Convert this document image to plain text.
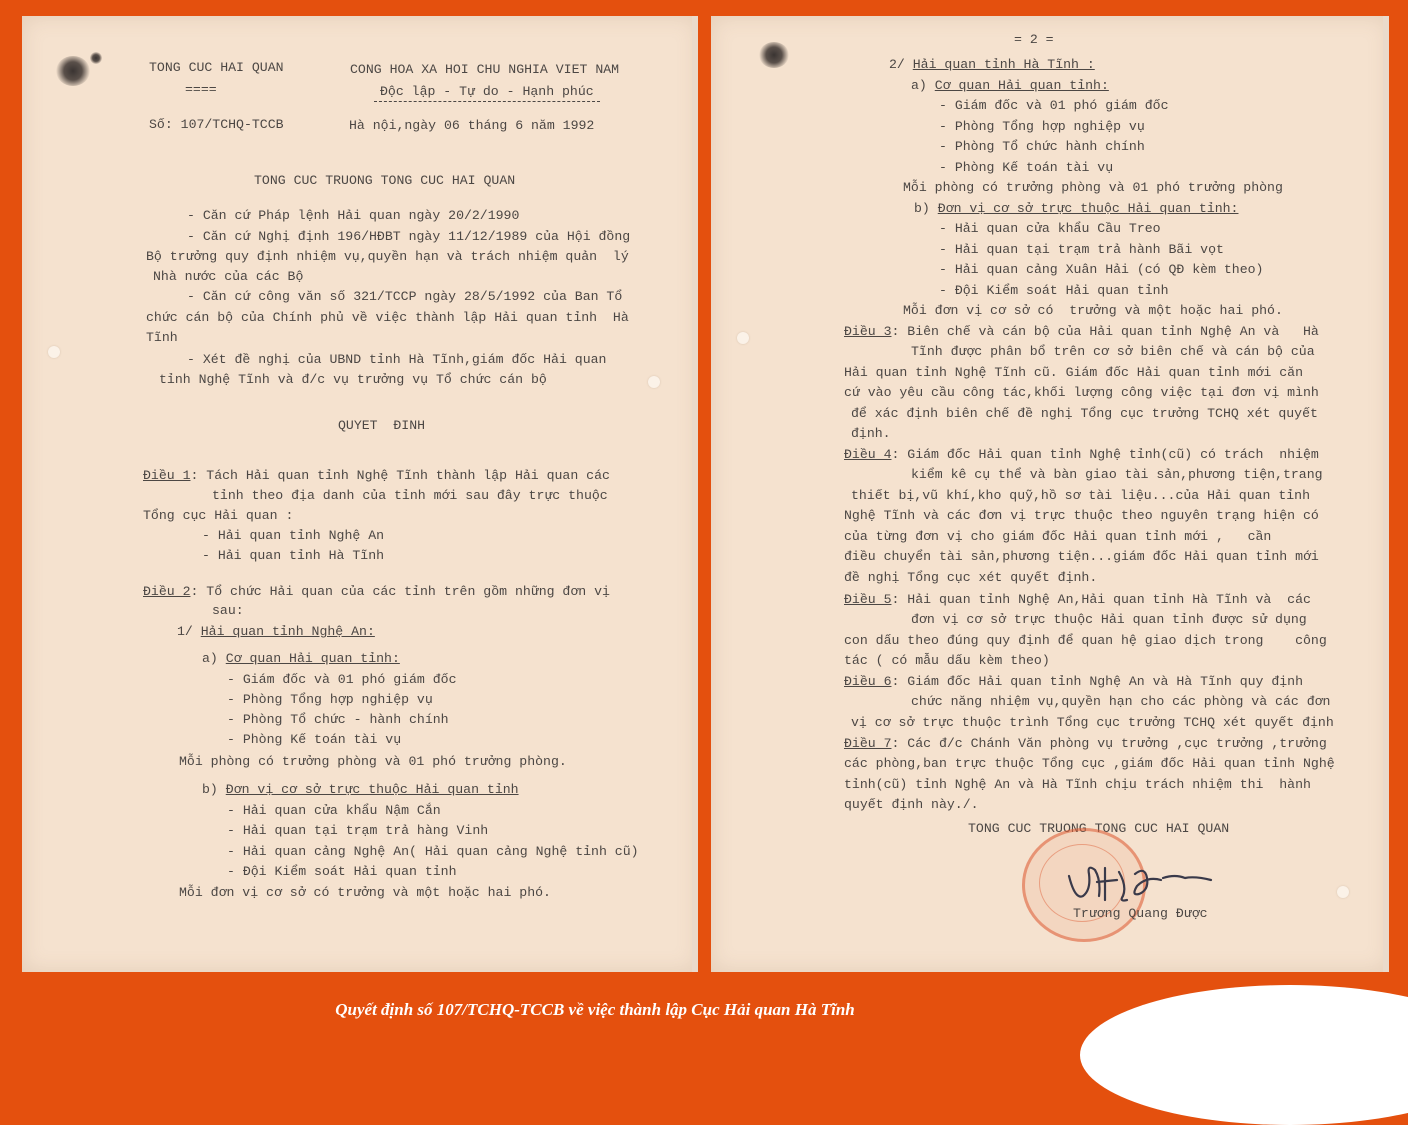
TONG CUC HAI QUAN
====
CONG HOA XA HOI CHU NGHIA VIET NAM
Độc lập - Tự do - Hạnh phúc
Số: 107/TCHQ-TCCB	Hà nội,ngày 06 tháng 6 năm 1992
TONG CUC TRUONG TONG CUC HAI QUAN
- Căn cứ Pháp lệnh Hải quan ngày 20/2/1990
- Căn cứ Nghị định 196/HĐBT ngày 11/12/1989 của Hội đồng
Bộ trưởng quy định nhiệm vụ,quyền hạn và trách nhiệm quản  lý
Nhà nước của các Bộ
- Căn cứ công văn số 321/TCCP ngày 28/5/1992 của Ban Tổ
chức cán bộ của Chính phủ về việc thành lập Hải quan tỉnh  Hà
Tĩnh
- Xét đề nghị của UBND tỉnh Hà Tĩnh,giám đốc Hải quan
tỉnh Nghệ Tĩnh và đ/c vụ trưởng vụ Tổ chức cán bộ
QUYET  ĐINH
Điều 1: Tách Hải quan tỉnh Nghệ Tĩnh thành lập Hải quan các
tỉnh theo địa danh của tỉnh mới sau đây trực thuộc
Tổng cục Hải quan :
- Hải quan tỉnh Nghệ An
- Hải quan tỉnh Hà Tĩnh
Điều 2: Tổ chức Hải quan của các tỉnh trên gồm những đơn vị
sau:
1/ Hải quan tỉnh Nghệ An:
a) Cơ quan Hải quan tỉnh:
- Giám đốc và 01 phó giám đốc
- Phòng Tổng hợp nghiệp vụ
- Phòng Tổ chức - hành chính
- Phòng Kế toán tài vụ
Mỗi phòng có trưởng phòng và 01 phó trưởng phòng.
b) Đơn vị cơ sở trực thuộc Hải quan tỉnh
- Hải quan cửa khẩu Nậm Cắn
- Hải quan tại trạm trả hàng Vinh
- Hải quan cảng Nghệ An( Hải quan cảng Nghệ tỉnh cũ)
- Đội Kiểm soát Hải quan tỉnh
Mỗi đơn vị cơ sở có trưởng và một hoặc hai phó.
= 2 =
2/ Hải quan tỉnh Hà Tĩnh :
a) Cơ quan Hải quan tỉnh:
- Giám đốc và 01 phó giám đốc
- Phòng Tổng hợp nghiệp vụ
- Phòng Tổ chức hành chính
- Phòng Kế toán tài vụ
Mỗi phòng có trưởng phòng và 01 phó trưởng phòng
b) Đơn vị cơ sở trực thuộc Hải quan tỉnh:
- Hải quan cửa khẩu Cầu Treo
- Hải quan tại trạm trả hành Bãi vọt
- Hải quan cảng Xuân Hải (có QĐ kèm theo)
- Đội Kiểm soát Hải quan tỉnh
Mỗi đơn vị cơ sở có  trưởng và một hoặc hai phó.
Điều 3: Biên chế và cán bộ của Hải quan tỉnh Nghệ An và   Hà
Tĩnh được phân bổ trên cơ sở biên chế và cán bộ của
Hải quan tỉnh Nghệ Tĩnh cũ. Giám đốc Hải quan tỉnh mới căn
cứ vào yêu cầu công tác,khối lượng công việc tại đơn vị mình
để xác định biên chế đề nghị Tổng cục trưởng TCHQ xét quyết
định.
Điều 4: Giám đốc Hải quan tỉnh Nghệ tỉnh(cũ) có trách  nhiệm
kiểm kê cụ thể và bàn giao tài sản,phương tiện,trang
thiết bị,vũ khí,kho quỹ,hồ sơ tài liệu...của Hải quan tỉnh
Nghệ Tĩnh và các đơn vị trực thuộc theo nguyên trạng hiện có
của từng đơn vị cho giám đốc Hải quan tỉnh mới ,   cần
điều chuyển tài sản,phương tiện...giám đốc Hải quan tỉnh mới
đề nghị Tổng cục xét quyết định.
Điều 5: Hải quan tỉnh Nghệ An,Hải quan tỉnh Hà Tĩnh và  các
đơn vị cơ sở trực thuộc Hải quan tỉnh được sử dụng
con dấu theo đúng quy định để quan hệ giao dịch trong    công
tác ( có mẫu dấu kèm theo)
Điều 6: Giám đốc Hải quan tỉnh Nghệ An và Hà Tĩnh quy định
chức năng nhiệm vụ,quyền hạn cho các phòng và các đơn
vị cơ sở trực thuộc trình Tổng cục trưởng TCHQ xét quyết định
Điều 7: Các đ/c Chánh Văn phòng vụ trưởng ,cục trưởng ,trưởng
các phòng,ban trực thuộc Tổng cục ,giám đốc Hải quan tỉnh Nghệ
tỉnh(cũ) tỉnh Nghệ An và Hà Tĩnh chịu trách nhiệm thi  hành
quyết định này./.
TONG CUC TRUONG TONG CUC HAI QUAN
Trương Quang Được
Quyết định số 107/TCHQ-TCCB về việc thành lập Cục Hải quan Hà Tĩnh
